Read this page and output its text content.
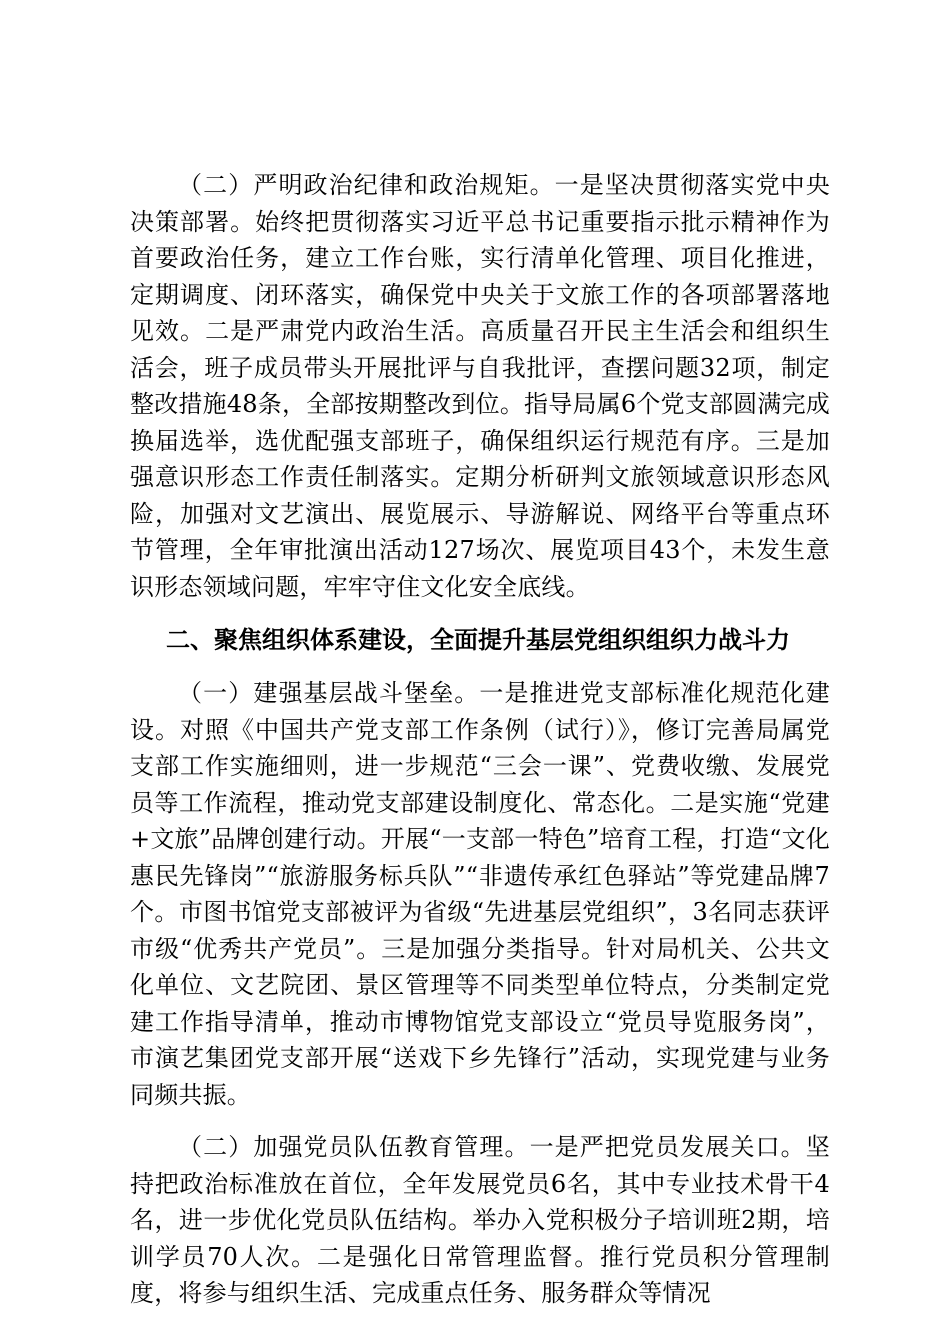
（二）严明政治纪律和政治规矩。一是坚决贯彻落实党中央决策部署。始终把贯彻落实习近平总书记重要指示批示精神作为首要政治任务，建立工作台账，实行清单化管理、项目化推进，定期调度、闭环落实，确保党中央关于文旅工作的各项部署落地见效。二是严肃党内政治生活。高质量召开民主生活会和组织生活会，班子成员带头开展批评与自我批评，查摆问题32项，制定整改措施48条，全部按期整改到位。指导局属6个党支部圆满完成换届选举，选优配强支部班子，确保组织运行规范有序。三是加强意识形态工作责任制落实。定期分析研判文旅领域意识形态风险，加强对文艺演出、展览展示、导游解说、网络平台等重点环节管理，全年审批演出活动127场次、展览项目43个，未发生意识形态领域问题，牢牢守住文化安全底线。

二、聚焦组织体系建设，全面提升基层党组织组织力战斗力

（一）建强基层战斗堡垒。一是推进党支部标准化规范化建设。对照《中国共产党支部工作条例（试行）》，修订完善局属党支部工作实施细则，进一步规范“三会一课”、党费收缴、发展党员等工作流程，推动党支部建设制度化、常态化。二是实施“党建+文旅”品牌创建行动。开展“一支部一特色”培育工程，打造“文化惠民先锋岗”“旅游服务标兵队”“非遗传承红色驿站”等党建品牌7个。市图书馆党支部被评为省级“先进基层党组织”，3名同志获评市级“优秀共产党员”。三是加强分类指导。针对局机关、公共文化单位、文艺院团、景区管理等不同类型单位特点，分类制定党建工作指导清单，推动市博物馆党支部设立“党员导览服务岗”，市演艺集团党支部开展“送戏下乡先锋行”活动，实现党建与业务同频共振。

（二）加强党员队伍教育管理。一是严把党员发展关口。坚持把政治标准放在首位，全年发展党员6名，其中专业技术骨干4名，进一步优化党员队伍结构。举办入党积极分子培训班2期，培训学员70人次。二是强化日常管理监督。推行党员积分管理制度，将参与组织生活、完成重点任务、服务群众等情况
